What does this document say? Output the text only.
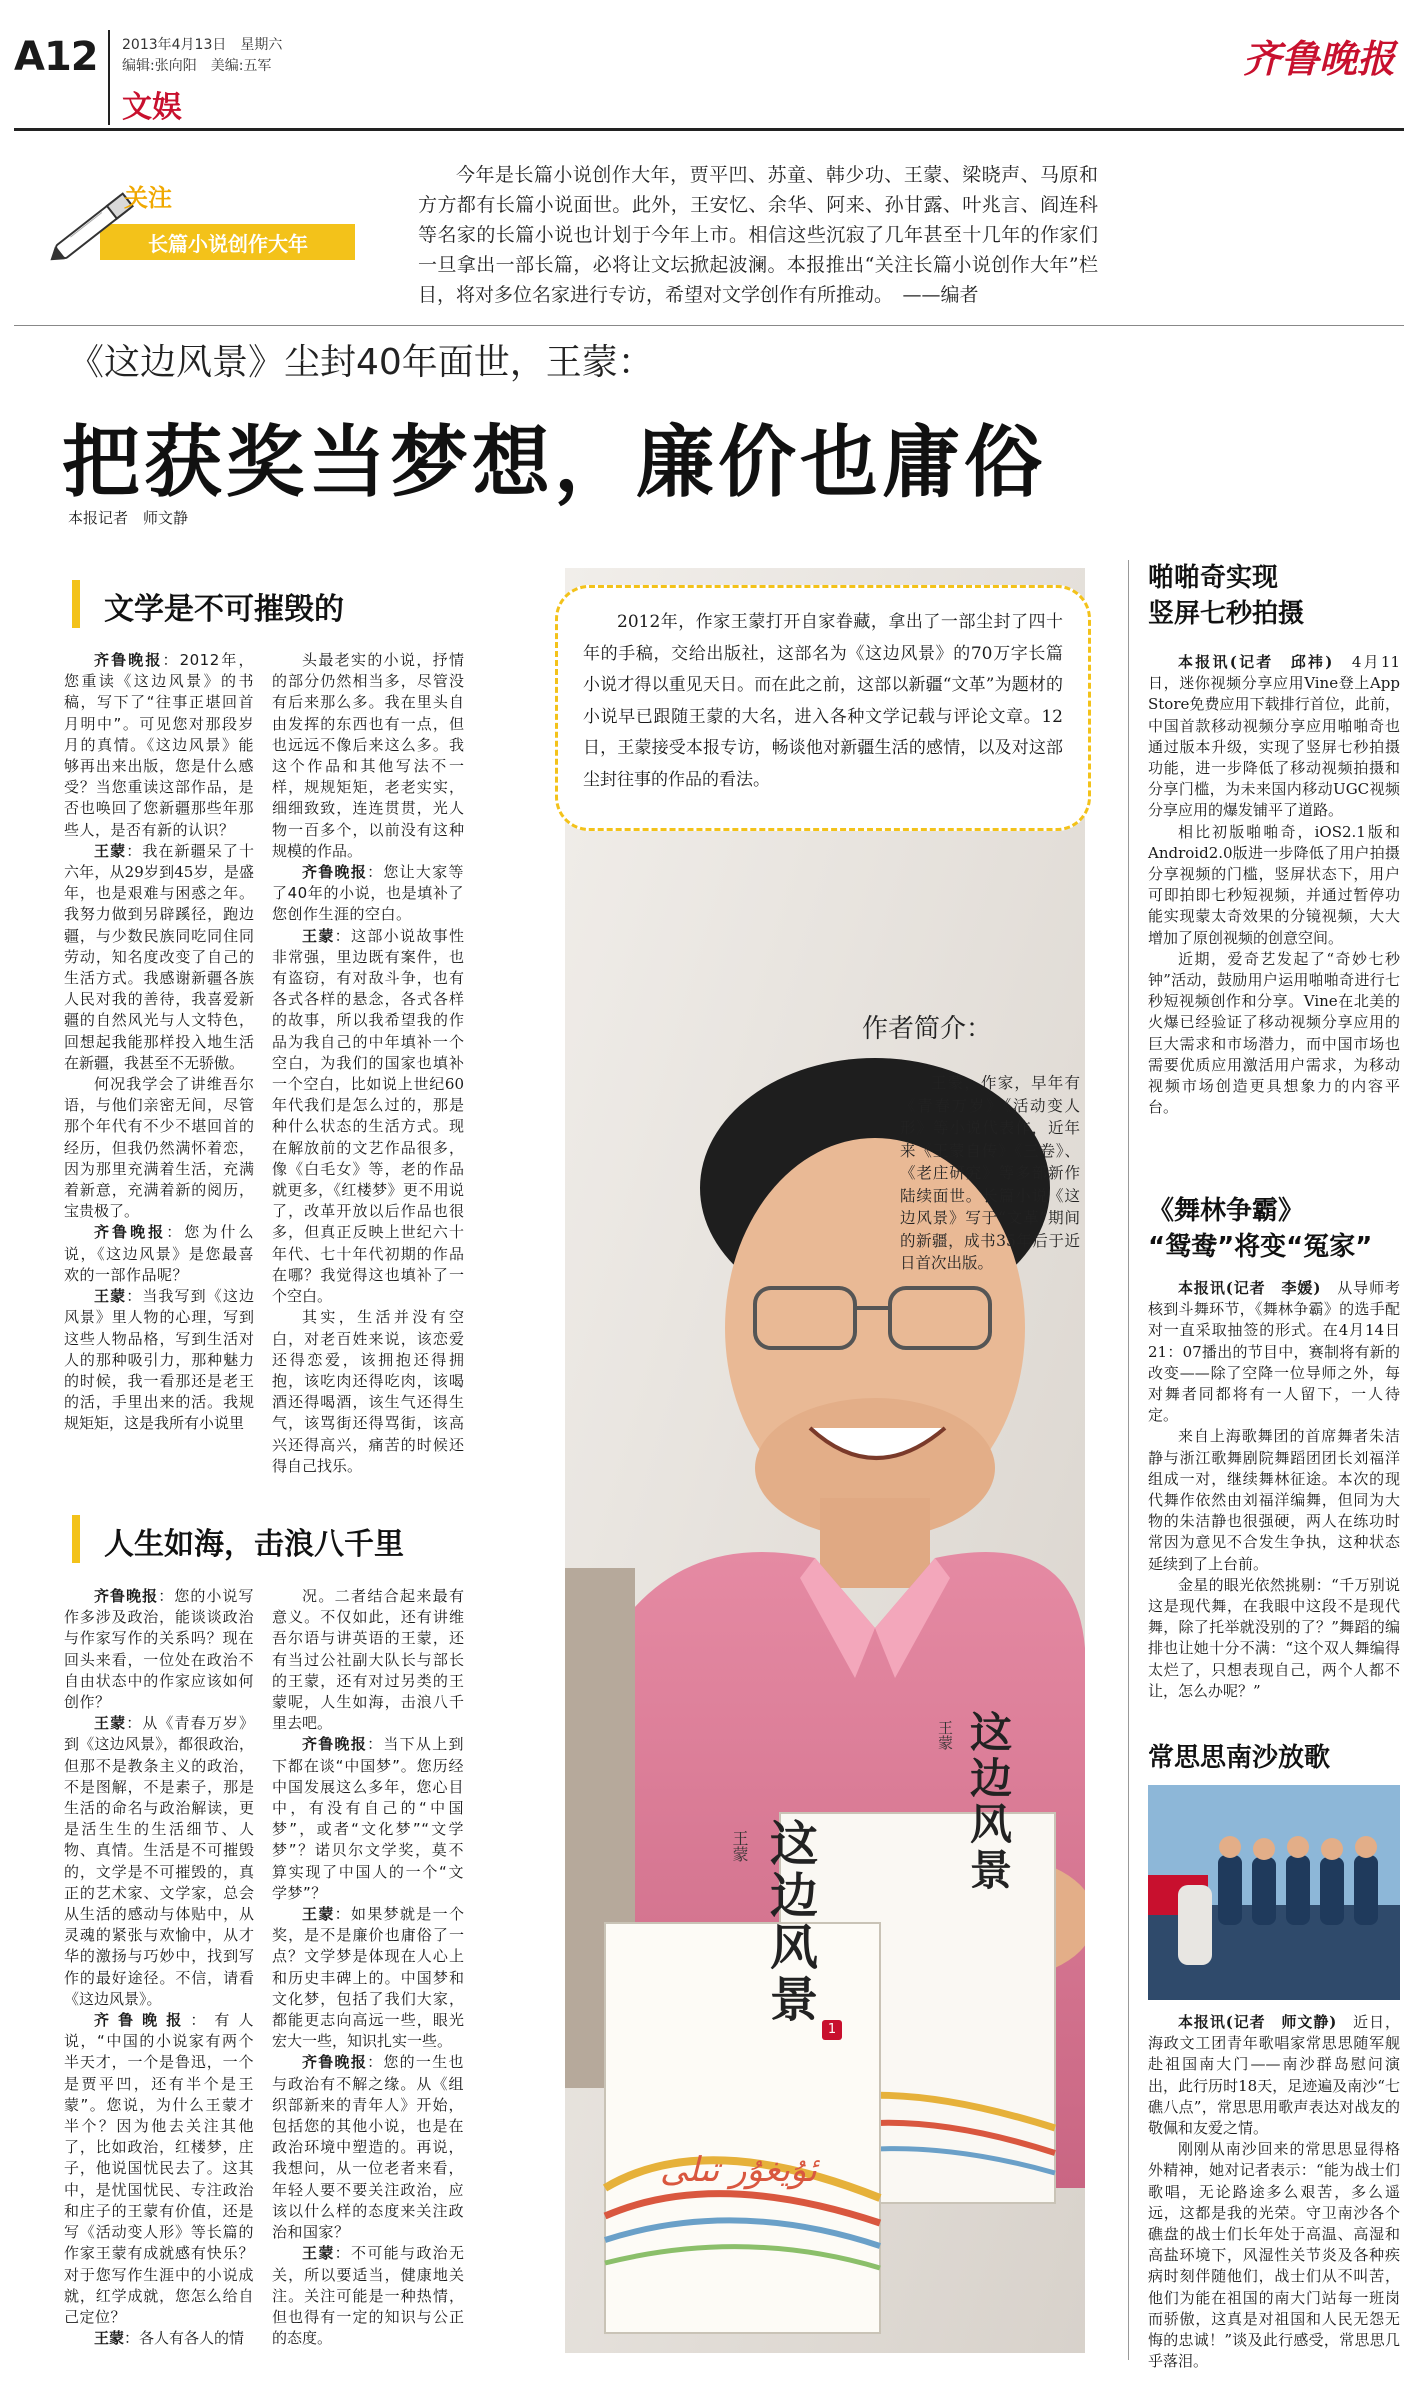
A12 2013年4月13日　星期六
编辑:张向阳　美编:五军
文娱
齐鲁晚报
关注
长篇小说创作大年
今年是长篇小说创作大年，贾平凹、苏童、韩少功、王蒙、梁晓声、马原和方方都有长篇小说面世。此外，王安忆、余华、阿来、孙甘露、叶兆言、阎连科等名家的长篇小说也计划于今年上市。相信这些沉寂了几年甚至十几年的作家们一旦拿出一部长篇，必将让文坛掀起波澜。本报推出“关注长篇小说创作大年”栏目，将对多位名家进行专访，希望对文学创作有所推动。　——编者
《这边风景》尘封40年面世，王蒙：
把获奖当梦想，廉价也庸俗
本报记者　师文静
文学是不可摧毁的

齐鲁晚报：2012年，您重读《这边风景》的书稿，写下了“往事正堪回首月明中”。可见您对那段岁月的真情。《这边风景》能够再出来出版，您是什么感受？当您重读这部作品，是否也唤回了您新疆那些年那些人，是否有新的认识？

王蒙：我在新疆呆了十六年，从29岁到45岁，是盛年，也是艰难与困惑之年。我努力做到另辟蹊径，跑边疆，与少数民族同吃同住同劳动，知名度改变了自己的生活方式。我感谢新疆各族人民对我的善待，我喜爱新疆的自然风光与人文特色，回想起我能那样投入地生活在新疆，我甚至不无骄傲。

何况我学会了讲维吾尔语，与他们亲密无间，尽管那个年代有不少不堪回首的经历，但我仍然满怀着恋，因为那里充满着生活，充满着新意，充满着新的阅历，宝贵极了。

齐鲁晚报：您为什么说，《这边风景》是您最喜欢的一部作品呢？

王蒙：当我写到《这边风景》里人物的心理，写到这些人物品格，写到生活对人的那种吸引力，那种魅力的时候，我一看那还是老王的活，手里出来的活。我规规矩矩，这是我所有小说里

头最老实的小说，抒情的部分仍然相当多，尽管没有后来那么多。我在里头自由发挥的东西也有一点，但也远远不像后来这么多。我这个作品和其他写法不一样，规规矩矩，老老实实，细细致致，连连贯贯，光人物一百多个，以前没有这种规模的作品。

齐鲁晚报：您让大家等了40年的小说，也是填补了您创作生涯的空白。

王蒙：这部小说故事性非常强，里边既有案件，也有盗窃，有对敌斗争，也有各式各样的悬念，各式各样的故事，所以我希望我的作品为我自己的中年填补一个空白，为我们的国家也填补一个空白，比如说上世纪60年代我们是怎么过的，那是种什么状态的生活方式。现在解放前的文艺作品很多，像《白毛女》等，老的作品就更多，《红楼梦》更不用说了，改革开放以后作品也很多，但真正反映上世纪六十年代、七十年代初期的作品在哪？我觉得这也填补了一个空白。

其实，生活并没有空白，对老百姓来说，该恋爱还得恋爱，该拥抱还得拥抱，该吃肉还得吃肉，该喝酒还得喝酒，该生气还得生气，该骂街还得骂街，该高兴还得高兴，痛苦的时候还得自己找乐。

人生如海，击浪八千里

齐鲁晚报：您的小说写作多涉及政治，能谈谈政治与作家写作的关系吗？现在回头来看，一位处在政治不自由状态中的作家应该如何创作？

王蒙：从《青春万岁》到《这边风景》，都很政治，但那不是教条主义的政治，不是图解，不是素子，那是生活的命名与政治解读，更是活生生的生活细节、人物、真情。生活是不可摧毁的，文学是不可摧毁的，真正的艺术家、文学家，总会从生活的感动与体贴中，从灵魂的紧张与欢愉中，从才华的激扬与巧妙中，找到写作的最好途径。不信，请看《这边风景》。

齐鲁晚报：有人说，“中国的小说家有两个半天才，一个是鲁迅，一个是贾平凹，还有半个是王蒙”。您说，为什么王蒙才半个？因为他去关注其他了，比如政治，红楼梦，庄子，他说国忧民去了。这其中，是忧国忧民、专注政治和庄子的王蒙有价值，还是写《活动变人形》等长篇的作家王蒙有成就感有快乐？对于您写作生涯中的小说成就，红学成就，您怎么给自己定位？

王蒙：各人有各人的情

况。二者结合起来最有意义。不仅如此，还有讲维吾尔语与讲英语的王蒙，还有当过公社副大队长与部长的王蒙，还有对过另类的王蒙呢，人生如海，击浪八千里去吧。

齐鲁晚报：当下从上到下都在谈“中国梦”。您历经中国发展这么多年，您心目中，有没有自己的“中国梦”，或者“文化梦”“文学梦”？诺贝尔文学奖，莫不算实现了中国人的一个“文学梦”？

王蒙：如果梦就是一个奖，是不是廉价也庸俗了一点？文学梦是体现在人心上和历史丰碑上的。中国梦和文化梦，包括了我们大家，都能更志向高远一些，眼光宏大一些，知识扎实一些。

齐鲁晚报：您的一生也与政治有不解之缘。从《组织部新来的青年人》开始，包括您的其他小说，也是在政治环境中塑造的。再说，我想问，从一位老者来看，年轻人要不要关注政治，应该以什么样的态度来关注政治和国家？

王蒙：不可能与政治无关，所以要适当，健康地关注。关注可能是一种热情，但也得有一定的知识与公正的态度。

这边风景
王蒙
1
ئۇيغۇر تىلى
这边风景
王蒙
2012年，作家王蒙打开自家眷藏，拿出了一部尘封了四十年的手稿，交给出版社，这部名为《这边风景》的70万字长篇小说才得以重见天日。而在此之前，这部以新疆“文革”为题材的小说早已跟随王蒙的大名，进入各种文学记载与评论文章。12日，王蒙接受本报专访，畅谈他对新疆生活的感情，以及对这部尘封往事的作品的看法。
作者简介：
王蒙，作家，早年有《青春万岁》《活动变人形》等小说代表作，近年来《王蒙自传》《三卷》、《老庄研究》等多部新作陆续面世。长篇小说《这边风景》写于“文革”期间的新疆，成书35年后于近日首次出版。
啪啪奇实现
竖屏七秒拍摄

本报讯(记者　邱祎)　4月11日，迷你视频分享应用Vine登上App Store免费应用下载排行首位，此前，中国首款移动视频分享应用啪啪奇也通过版本升级，实现了竖屏七秒拍摄功能，进一步降低了移动视频拍摄和分享门槛，为未来国内移动UGC视频分享应用的爆发铺平了道路。

相比初版啪啪奇，iOS2.1版和Android2.0版进一步降低了用户拍摄分享视频的门槛，竖屏状态下，用户可即拍即七秒短视频，并通过暂停功能实现蒙太奇效果的分镜视频，大大增加了原创视频的创意空间。

近期，爱奇艺发起了“奇妙七秒钟”活动，鼓励用户运用啪啪奇进行七秒短视频创作和分享。Vine在北美的火爆已经验证了移动视频分享应用的巨大需求和市场潜力，而中国市场也需要优质应用激活用户需求，为移动视频市场创造更具想象力的内容平台。

《舞林争霸》
“鸳鸯”将变“冤家”

本报讯(记者　李媛)　从导师考核到斗舞环节，《舞林争霸》的选手配对一直采取抽签的形式。在4月14日21：07播出的节目中，赛制将有新的改变——除了空降一位导师之外，每对舞者同都将有一人留下，一人待定。

来自上海歌舞团的首席舞者朱洁静与浙江歌舞剧院舞蹈团团长刘福洋组成一对，继续舞林征途。本次的现代舞作依然由刘福洋编舞，但同为大物的朱洁静也很强硬，两人在练功时常因为意见不合发生争执，这种状态延续到了上台前。

金星的眼光依然挑剔：“千万别说这是现代舞，在我眼中这段不是现代舞，除了托举就没别的了？”舞蹈的编排也让她十分不满：“这个双人舞编得太烂了，只想表现自己，两个人都不让，怎么办呢？”

常思思南沙放歌

本报讯(记者　师文静)　近日，海政文工团青年歌唱家常思思随军舰赴祖国南大门——南沙群岛慰问演出，此行历时18天，足迹遍及南沙“七礁八点”，常思思用歌声表达对战友的敬佩和友爱之情。

刚刚从南沙回来的常思思显得格外精神，她对记者表示：“能为战士们歌唱，无论路途多么艰苦，多么遥远，这都是我的光荣。守卫南沙各个礁盘的战士们长年处于高温、高湿和高盐环境下，风湿性关节炎及各种疾病时刻伴随他们，战士们从不叫苦，他们为能在祖国的南大门站每一班岗而骄傲，这真是对祖国和人民无怨无悔的忠诚！”谈及此行感受，常思思几乎落泪。
